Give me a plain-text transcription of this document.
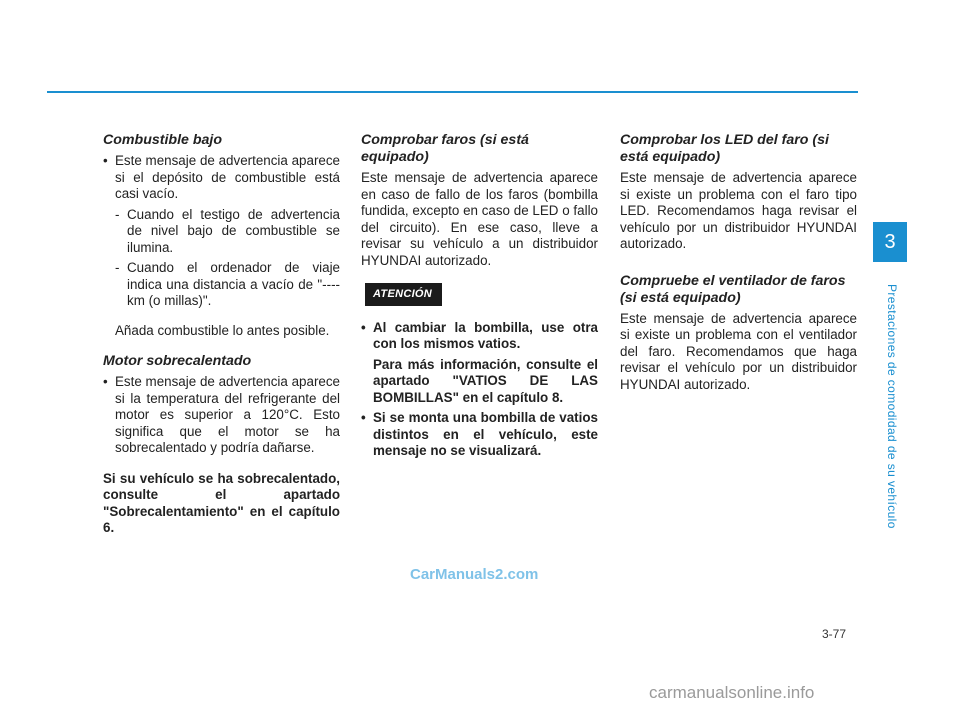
Combustible bajo
• Este mensaje de advertencia aparece si el depósito de combustible está casi vacío.
- Cuando el testigo de advertencia de nivel bajo de combustible se ilumina.
- Cuando el ordenador de viaje indica una distancia a vacío de "---- km (o millas)".
Añada combustible lo antes posible.
Motor sobrecalentado
• Este mensaje de advertencia aparece si la temperatura del refrigerante del motor es superior a 120°C. Esto significa que el motor se ha sobrecalentado y podría dañarse.
Si su vehículo se ha sobrecalentado, consulte el apartado "Sobrecalentamiento" en el capítulo 6.
Comprobar faros (si está equipado)
Este mensaje de advertencia aparece en caso de fallo de los faros (bombilla fundida, excepto en caso de LED o fallo del circuito). En ese caso, lleve a revisar su vehículo a un distribuidor HYUNDAI autorizado.
ATENCIÓN
• Al cambiar la bombilla, use otra con los mismos vatios.
Para más información, consulte el apartado "VATIOS DE LAS BOMBILLAS" en el capítulo 8.
• Si se monta una bombilla de vatios distintos en el vehículo, este mensaje no se visualizará.
Comprobar los LED del faro (si está equipado)
Este mensaje de advertencia aparece si existe un problema con el faro tipo LED. Recomendamos haga revisar el vehículo por un distribuidor HYUNDAI autorizado.
Compruebe el ventilador de faros (si está equipado)
Este mensaje de advertencia aparece si existe un problema con el ventilador del faro. Recomendamos que haga revisar el vehículo por un distribuidor HYUNDAI autorizado.
3
Prestaciones de comodidad de su vehículo
3-77
CarManuals2.com
carmanualsonline.info
